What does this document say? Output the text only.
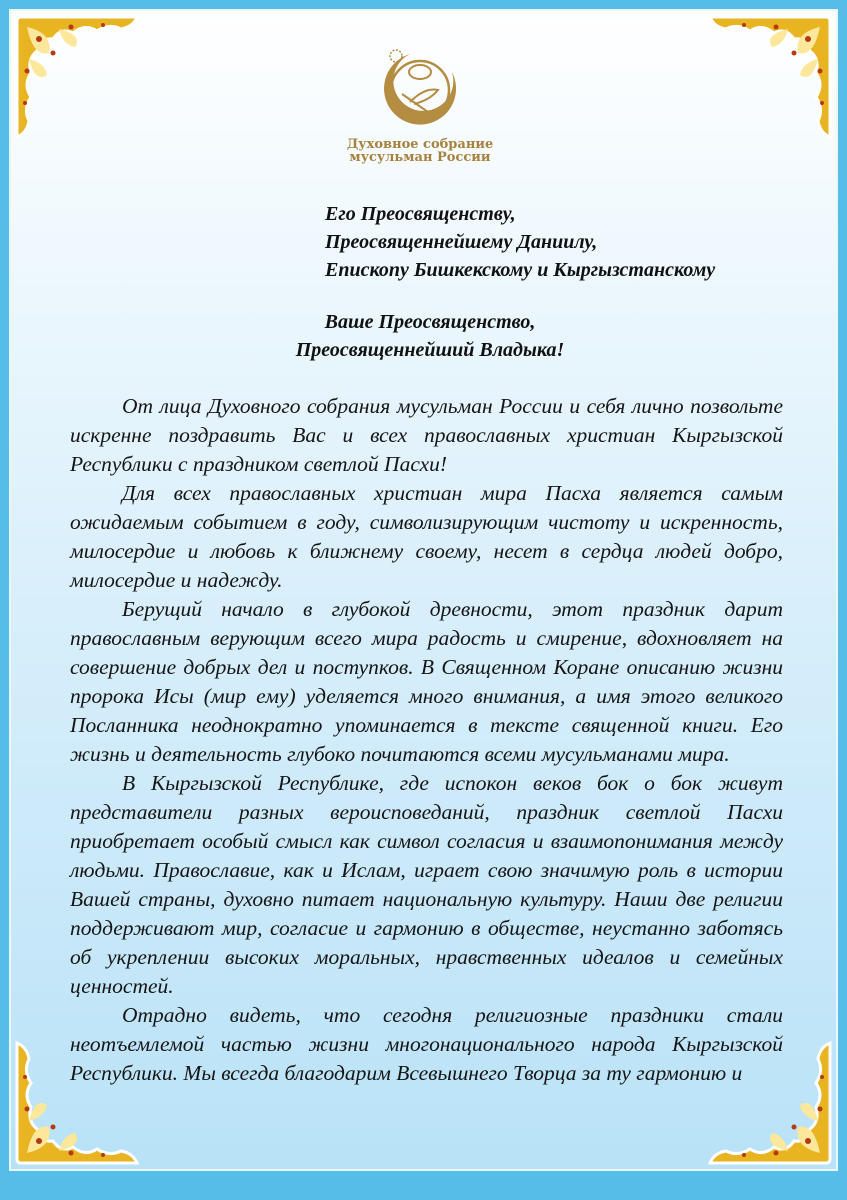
Духовное собрание
мусульман России
Его Преосвященству,
Преосвященнейшему Даниилу,
Епископу Бишкекскому и Кыргызстанскому
Ваше Преосвященство,
Преосвященнейший Владыка!

От лица Духовного собрания мусульман России и себя лично позвольте искренне поздравить Вас и всех православных христиан Кыргызской Республики с праздником светлой Пасхи!

Для всех православных христиан мира Пасха является самым ожидаемым событием в году, символизирующим чистоту и искренность, милосердие и любовь к ближнему своему, несет в сердца людей добро, милосердие и надежду.

Берущий начало в глубокой древности, этот праздник дарит православным верующим всего мира радость и смирение, вдохновляет на совершение добрых дел и поступков. В Священном Коране описанию жизни пророка Исы (мир ему) уделяется много внимания, а имя этого великого Посланника неоднократно упоминается в тексте священной книги. Его жизнь и деятельность глубоко почитаются всеми мусульманами мира.

В Кыргызской Республике, где испокон веков бок о бок живут представители разных вероисповеданий, праздник светлой Пасхи приобретает особый смысл как символ согласия и взаимопонимания между людьми. Православие, как и Ислам, играет свою значимую роль в истории Вашей страны, духовно питает национальную культуру. Наши две религии поддерживают мир, согласие и гармонию в обществе, неустанно заботясь об укреплении высоких моральных, нравственных идеалов и семейных ценностей.

Отрадно видеть, что сегодня религиозные праздники стали неотъемлемой частью жизни многонационального народа Кыргызской Республики. Мы всегда благодарим Всевышнего Творца за ту гармонию и
